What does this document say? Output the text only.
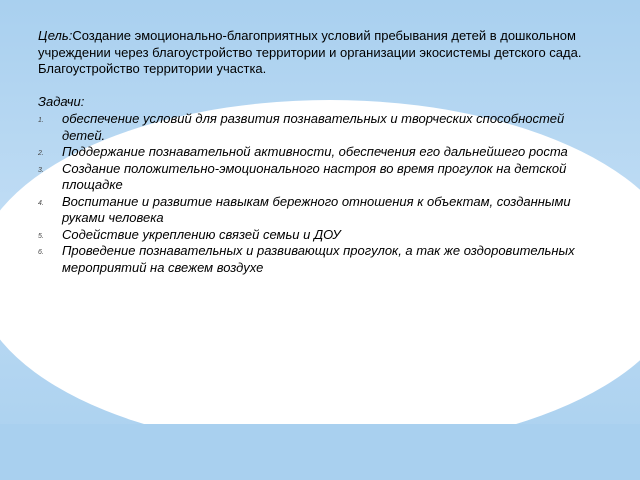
Цель:Создание эмоционально-благоприятных условий пребывания детей в дошкольном учреждении через благоустройство территории и организации экосистемы детского сада. Благоустройство территории участка.

Задачи:

1. обеспечение условий для развития познавательных и творческих способностей детей.
2. Поддержание познавательной активности, обеспечения его дальнейшего роста
3. Создание положительно-эмоционального настроя во время прогулок на детской площадке
4. Воспитание и развитие навыкам бережного отношения к объектам, созданными руками человека
5. Содействие укреплению связей семьи и ДОУ
6. Проведение познавательных и развивающих прогулок, а так же оздоровительных мероприятий на свежем воздухе
